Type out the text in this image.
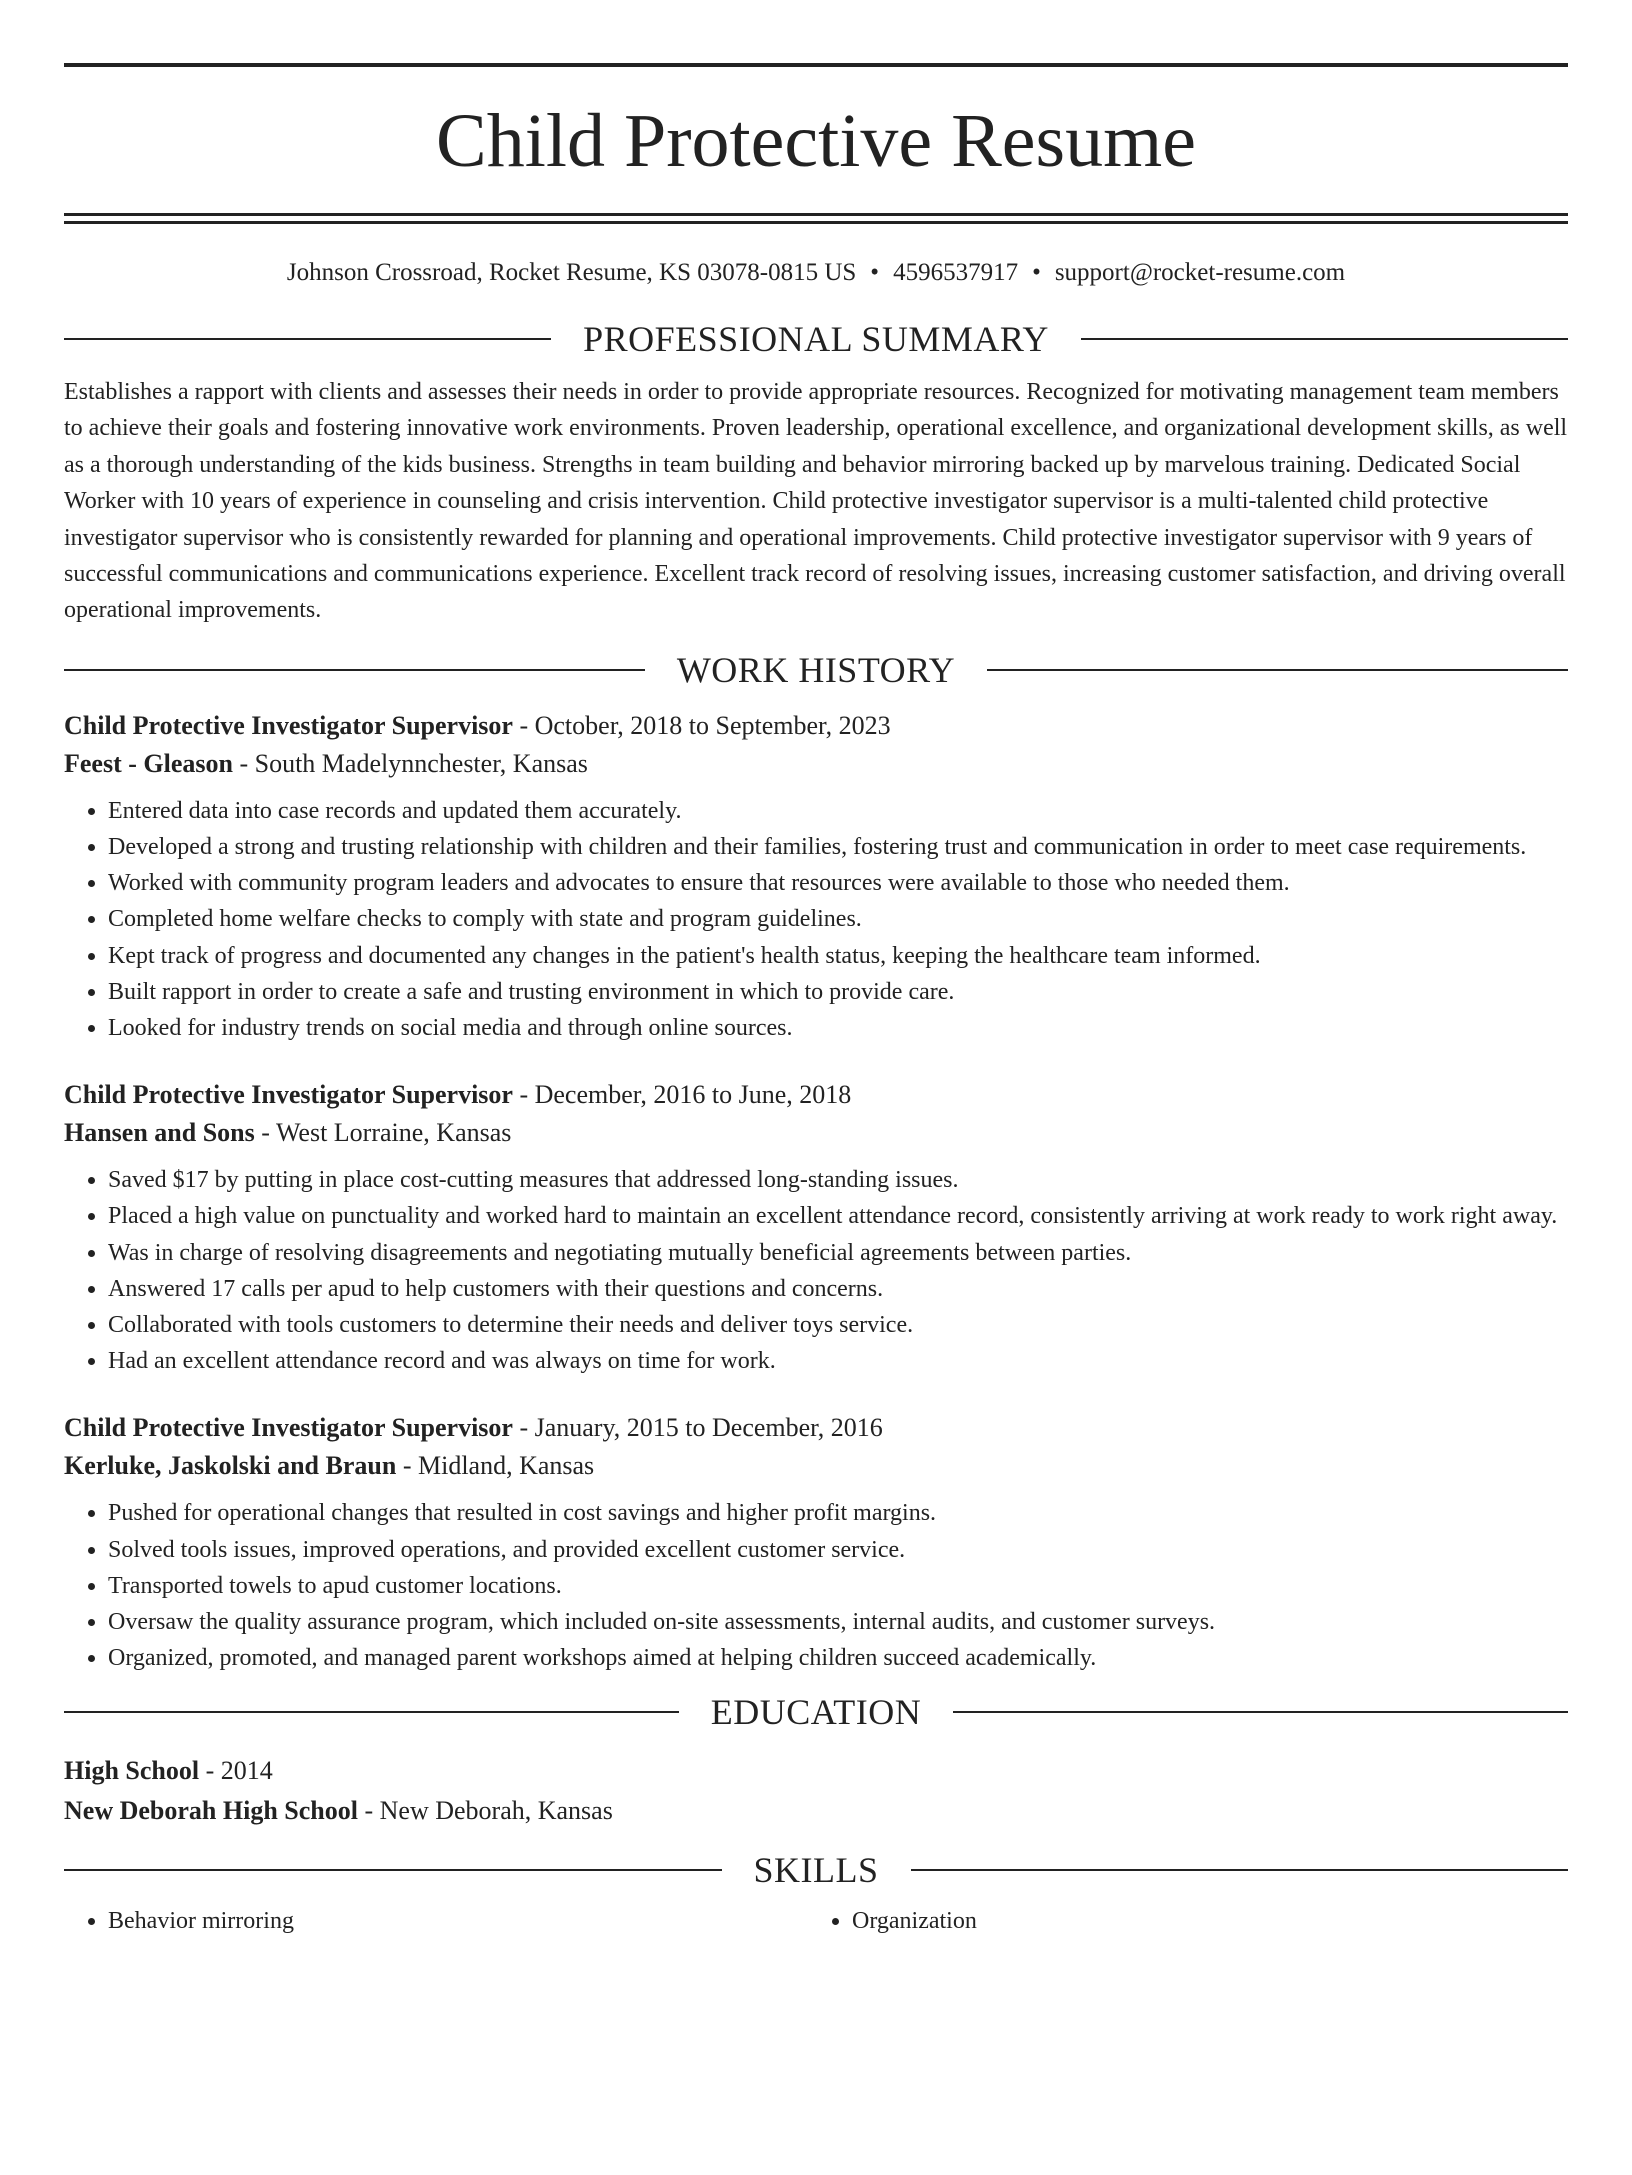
Child Protective Resume
Johnson Crossroad, Rocket Resume, KS 03078-0815 US • 4596537917 • support@rocket-resume.com
PROFESSIONAL SUMMARY

Establishes a rapport with clients and assesses their needs in order to provide appropriate resources. Recognized for motivating management team members to achieve their goals and fostering innovative work environments. Proven leadership, operational excellence, and organizational development skills, as well as a thorough understanding of the kids business. Strengths in team building and behavior mirroring backed up by marvelous training. Dedicated Social Worker with 10 years of experience in counseling and crisis intervention. Child protective investigator supervisor is a multi-talented child protective investigator supervisor who is consistently rewarded for planning and operational improvements. Child protective investigator supervisor with 9 years of successful communications and communications experience. Excellent track record of resolving issues, increasing customer satisfaction, and driving overall operational improvements.

WORK HISTORY
Child Protective Investigator Supervisor - October, 2018 to September, 2023
Feest - Gleason - South Madelynnchester, Kansas
• Entered data into case records and updated them accurately.
• Developed a strong and trusting relationship with children and their families, fostering trust and communication in order to meet case requirements.
• Worked with community program leaders and advocates to ensure that resources were available to those who needed them.
• Completed home welfare checks to comply with state and program guidelines.
• Kept track of progress and documented any changes in the patient's health status, keeping the healthcare team informed.
• Built rapport in order to create a safe and trusting environment in which to provide care.
• Looked for industry trends on social media and through online sources.
Child Protective Investigator Supervisor - December, 2016 to June, 2018
Hansen and Sons - West Lorraine, Kansas
• Saved $17 by putting in place cost-cutting measures that addressed long-standing issues.
• Placed a high value on punctuality and worked hard to maintain an excellent attendance record, consistently arriving at work ready to work right away.
• Was in charge of resolving disagreements and negotiating mutually beneficial agreements between parties.
• Answered 17 calls per apud to help customers with their questions and concerns.
• Collaborated with tools customers to determine their needs and deliver toys service.
• Had an excellent attendance record and was always on time for work.
Child Protective Investigator Supervisor - January, 2015 to December, 2016
Kerluke, Jaskolski and Braun - Midland, Kansas
• Pushed for operational changes that resulted in cost savings and higher profit margins.
• Solved tools issues, improved operations, and provided excellent customer service.
• Transported towels to apud customer locations.
• Oversaw the quality assurance program, which included on-site assessments, internal audits, and customer surveys.
• Organized, promoted, and managed parent workshops aimed at helping children succeed academically.
EDUCATION
High School - 2014
New Deborah High School - New Deborah, Kansas
SKILLS
• Behavior mirroring
•	Organization
